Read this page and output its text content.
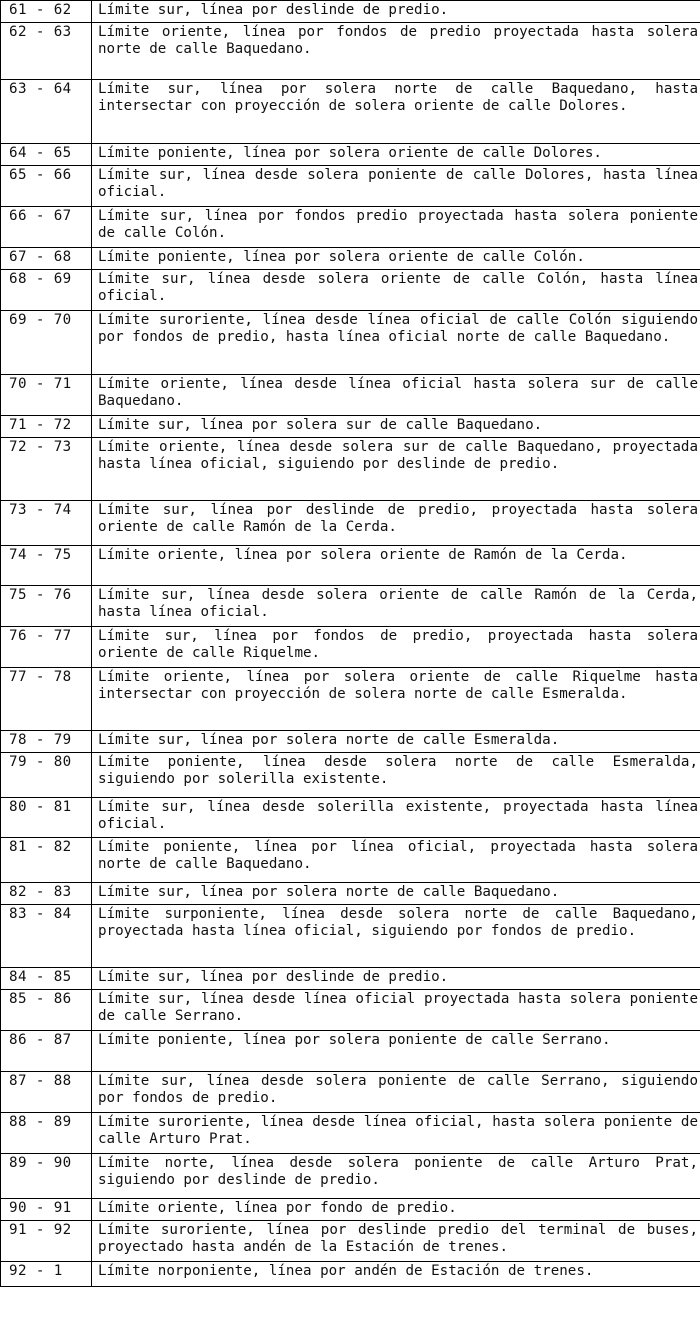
61 - 62	Límite sur, línea por deslinde de predio.
62 - 63	Límite oriente, línea por fondos de predio proyectada hasta solera norte de calle Baquedano.
63 - 64	Límite sur, línea por solera norte de calle Baquedano, hasta intersectar con proyección de solera oriente de calle Dolores.
64 - 65	Límite poniente, línea por solera oriente de calle Dolores.
65 - 66	Límite sur, línea desde solera poniente de calle Dolores, hasta línea oficial.
66 - 67	Límite sur, línea por fondos predio proyectada hasta solera poniente de calle Colón.
67 - 68	Límite poniente, línea por solera oriente de calle Colón.
68 - 69	Límite sur, línea desde solera oriente de calle Colón, hasta línea oficial.
69 - 70	Límite suroriente, línea desde línea oficial de calle Colón siguiendo por fondos de predio, hasta línea oficial norte de calle Baquedano.
70 - 71	Límite oriente, línea desde línea oficial hasta solera sur de calle Baquedano.
71 - 72	Límite sur, línea por solera sur de calle Baquedano.
72 - 73	Límite oriente, línea desde solera sur de calle Baquedano, proyectada hasta línea oficial, siguiendo por deslinde de predio.
73 - 74	Límite sur, línea por deslinde de predio, proyectada hasta solera oriente de calle Ramón de la Cerda.
74 - 75	Límite oriente, línea por solera oriente de Ramón de la Cerda.
75 - 76	Límite sur, línea desde solera oriente de calle Ramón de la Cerda, hasta línea oficial.
76 - 77	Límite sur, línea por fondos de predio, proyectada hasta solera oriente de calle Riquelme.
77 - 78	Límite oriente, línea por solera oriente de calle Riquelme hasta intersectar con proyección de solera norte de calle Esmeralda.
78 - 79	Límite sur, línea por solera norte de calle Esmeralda.
79 - 80	Límite poniente, línea desde solera norte de calle Esmeralda, siguiendo por solerilla existente.
80 - 81	Límite sur, línea desde solerilla existente, proyectada hasta línea oficial.
81 - 82	Límite poniente, línea por línea oficial, proyectada hasta solera norte de calle Baquedano.
82 - 83	Límite sur, línea por solera norte de calle Baquedano.
83 - 84	Límite surponiente, línea desde solera norte de calle Baquedano, proyectada hasta línea oficial, siguiendo por fondos de predio.
84 - 85	Límite sur, línea por deslinde de predio.
85 - 86	Límite sur, línea desde línea oficial proyectada hasta solera poniente de calle Serrano.
86 - 87	Límite poniente, línea por solera poniente de calle Serrano.
87 - 88	Límite sur, línea desde solera poniente de calle Serrano, siguiendo por fondos de predio.
88 - 89	Límite suroriente, línea desde línea oficial, hasta solera poniente de calle Arturo Prat.
89 - 90	Límite norte, línea desde solera poniente de calle Arturo Prat, siguiendo por deslinde de predio.
90 - 91	Límite oriente, línea por fondo de predio.
91 - 92	Límite suroriente, línea por deslinde predio del terminal de buses, proyectado hasta andén de la Estación de trenes.
92 - 1	Límite norponiente, línea por andén de Estación de trenes.
